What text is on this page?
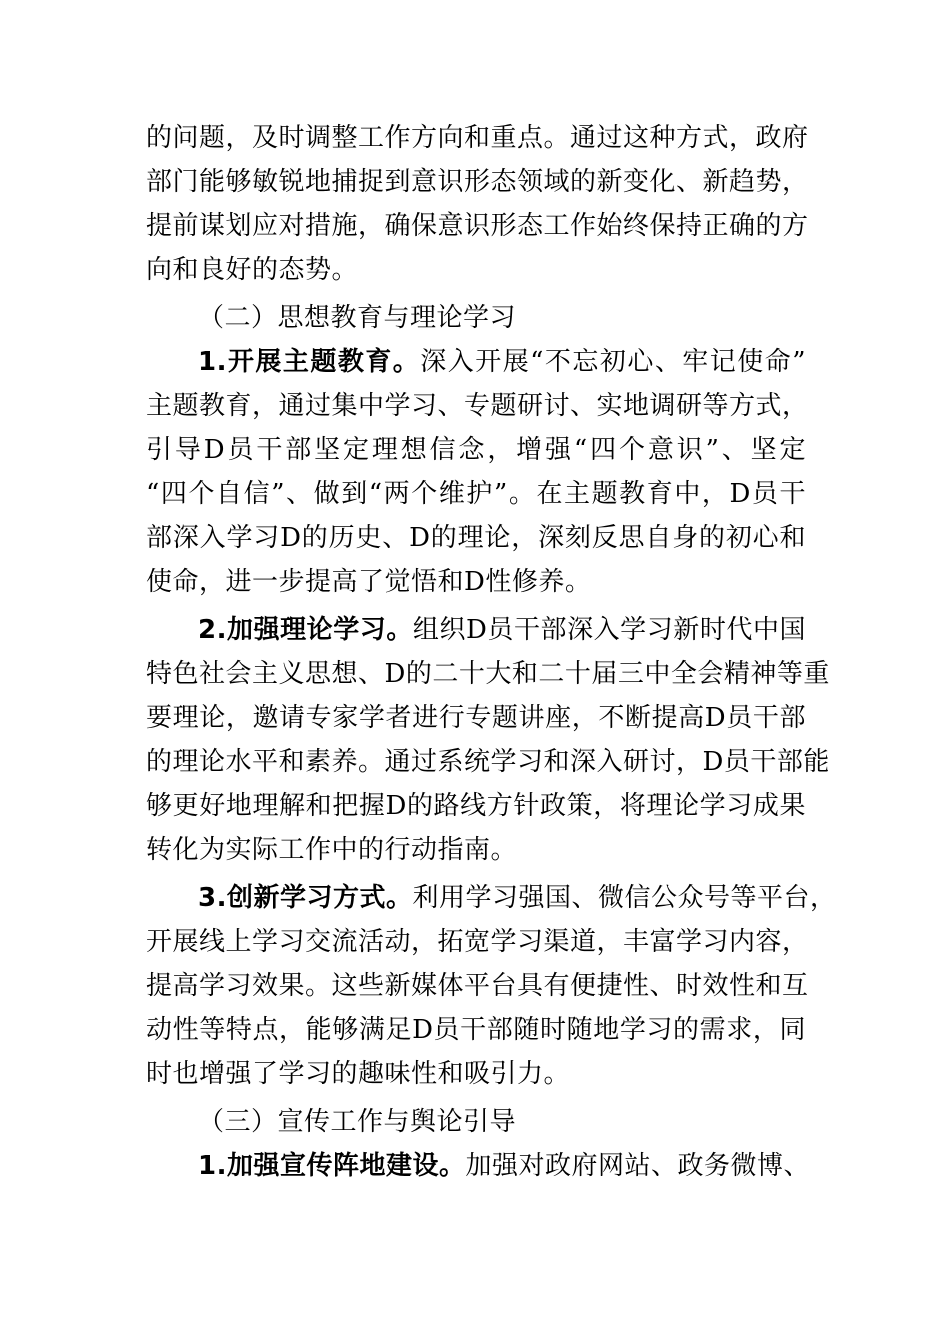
的问题，及时调整工作方向和重点。通过这种方式，政府
部门能够敏锐地捕捉到意识形态领域的新变化、新趋势，
提前谋划应对措施，确保意识形态工作始终保持正确的方
向和良好的态势。
（二）思想教育与理论学习
1.开展主题教育。深入开展“不忘初心、牢记使命”
主题教育，通过集中学习、专题研讨、实地调研等方式，
引导D员干部坚定理想信念，增强“四个意识”、坚定
“四个自信”、做到“两个维护”。在主题教育中，D员干
部深入学习D的历史、D的理论，深刻反思自身的初心和
使命，进一步提高了觉悟和D性修养。
2.加强理论学习。组织D员干部深入学习新时代中国
特色社会主义思想、D的二十大和二十届三中全会精神等重
要理论，邀请专家学者进行专题讲座，不断提高D员干部
的理论水平和素养。通过系统学习和深入研讨，D员干部能
够更好地理解和把握D的路线方针政策，将理论学习成果
转化为实际工作中的行动指南。
3.创新学习方式。利用学习强国、微信公众号等平台，
开展线上学习交流活动，拓宽学习渠道，丰富学习内容，
提高学习效果。这些新媒体平台具有便捷性、时效性和互
动性等特点，能够满足D员干部随时随地学习的需求，同
时也增强了学习的趣味性和吸引力。
（三）宣传工作与舆论引导
1.加强宣传阵地建设。加强对政府网站、政务微博、
